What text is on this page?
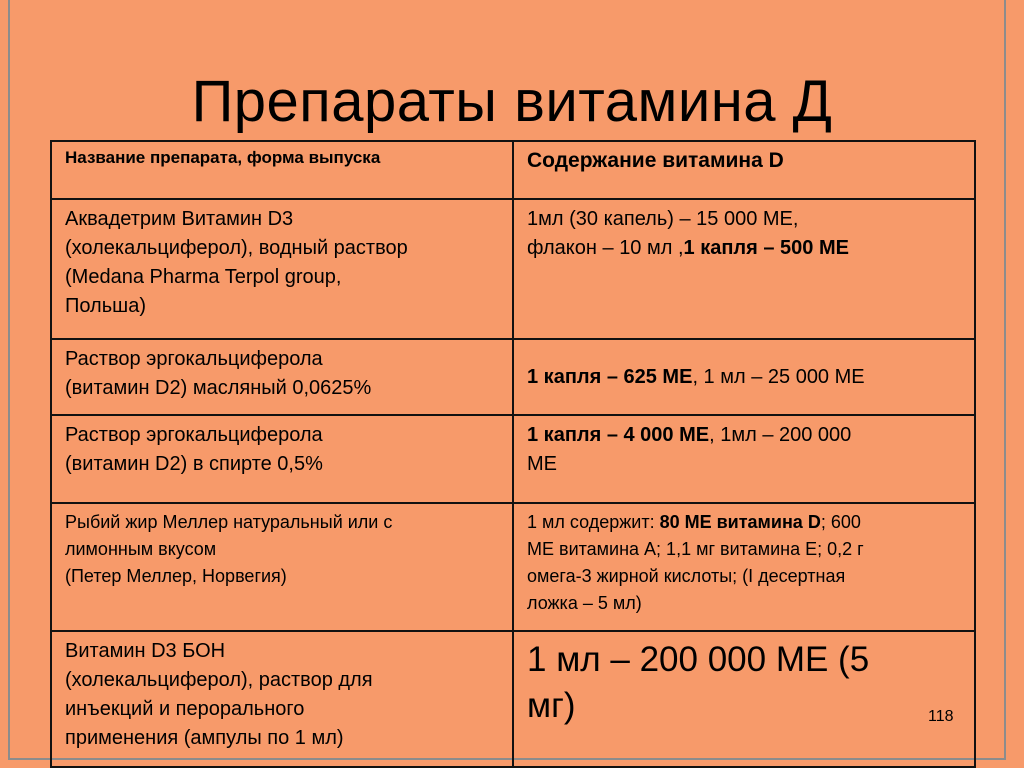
Препараты витамина Д
Название препарата, форма выпуска	Содержание витамина D

Аквадетрим Витамин D3
(холекальциферол), водный раствор
(Medana Pharma Terpol group,
Польша)	1мл (30 капель) – 15 000 МЕ,
флакон – 10 мл ,1 капля – 500 МЕ

Раствор эргокальциферола
(витамин D2) масляный 0,0625%	1 капля – 625 МЕ, 1 мл – 25 000 МЕ

Раствор эргокальциферола
(витамин D2) в спирте 0,5%	1 капля – 4 000 МЕ, 1мл – 200 000
МЕ

Рыбий жир Меллер натуральный или с
лимонным вкусом
(Петер Меллер, Норвегия)	1 мл содержит: 80 МЕ витамина D; 600
МЕ витамина А; 1,1 мг витамина Е; 0,2 г
омега-3 жирной кислоты; (I десертная
ложка – 5 мл)

Витамин D3 БОН
(холекальциферол), раствор для
инъекций и перорального
применения (ампулы по 1 мл)	1 мл – 200 000 МЕ (5
мг)	118
